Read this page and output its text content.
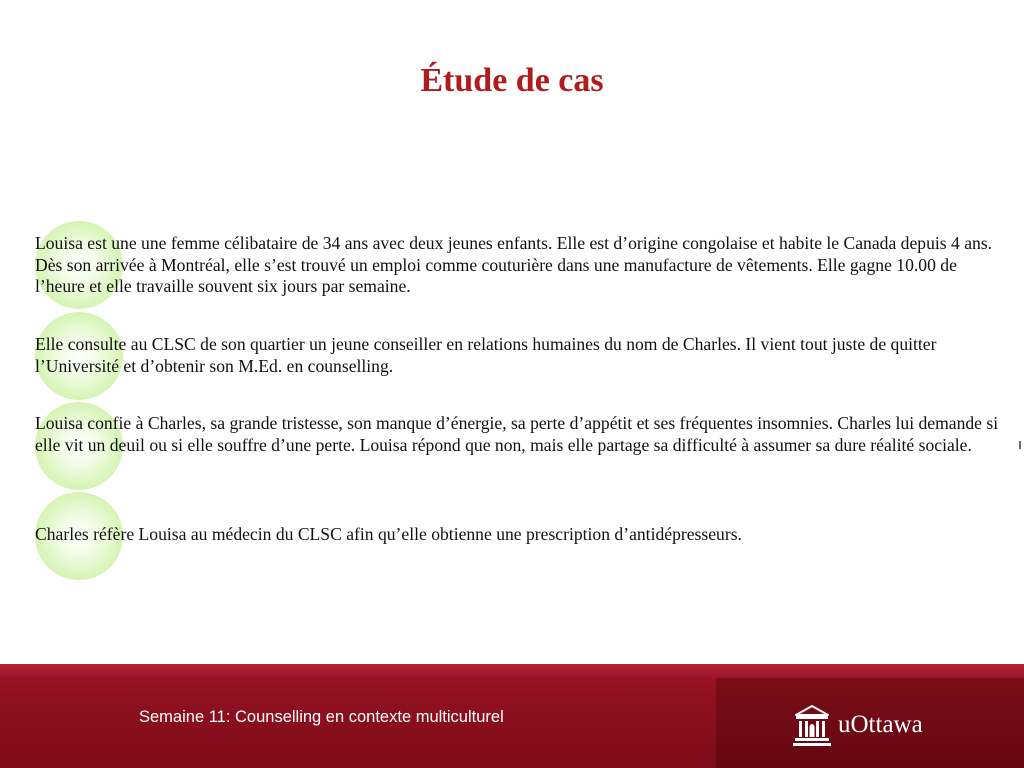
Étude de cas
Louisa est une une femme célibataire de 34 ans avec deux jeunes enfants. Elle est d’origine congolaise et habite le Canada depuis 4 ans. Dès son arrivée à Montréal, elle s’est trouvé un emploi comme couturière dans une manufacture de vêtements. Elle gagne 10.00 de l’heure et elle travaille souvent six jours par semaine.
Elle consulte au CLSC de son quartier un jeune conseiller en relations humaines du nom de Charles. Il vient tout juste de quitter l’Université et d’obtenir son M.Ed. en counselling.
Louisa confie à Charles, sa grande tristesse, son manque d’énergie, sa perte d’appétit et ses fréquentes insomnies. Charles lui demande si elle vit un deuil ou si elle souffre d’une perte. Louisa répond que non, mais elle partage sa difficulté à assumer sa dure réalité sociale.
Charles réfère Louisa au médecin du CLSC afin qu’elle obtienne une prescription d’antidépresseurs.
Semaine 11: Counselling en contexte multiculturel	uOttawa
